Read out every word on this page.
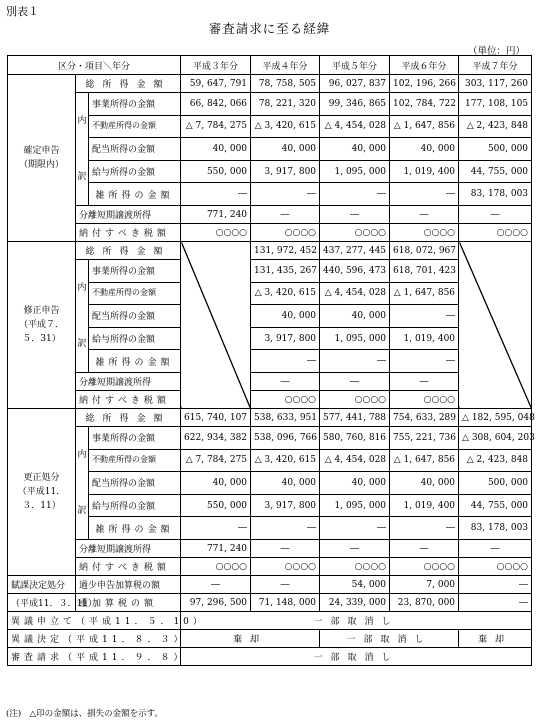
別表１
審査請求に至る経緯
（単位：円）
区分・項目＼年分			平成３年分	平成４年分	平成５年分	平成６年分	平成７年分
確定申告
（期限内）	総所得金額		59, 647, 791	78, 758, 505	96, 027, 837	102, 196, 266	303, 117, 260
	内
訳	事業所得の金額	66, 842, 066	78, 221, 320	99, 346, 865	102, 784, 722	177, 108, 105
		不動産所得の金額	△ 7, 784, 275	△ 3, 420, 615	△ 4, 454, 028	△ 1, 647, 856	△ 2, 423, 848
		配当所得の金額	40, 000	40, 000	40, 000	40, 000	500, 000
		給与所得の金額	550, 000	3, 917, 800	1, 095, 000	1, 019, 400	44, 755, 000
		雑所得の金額	―	―	―	―	83, 178, 003
	分離短期譲渡所得		771, 240	―	―	―	―
	納付すべき税額		○○○○	○○○○	○○○○	○○○○	○○○○
修正申告
（平成７．５．31）	総所得金額			131, 972, 452	437, 277, 445	618, 072, 967	
	内
訳	事業所得の金額		131, 435, 267	440, 596, 473	618, 701, 423	
		不動産所得の金額		△ 3, 420, 615	△ 4, 454, 028	△ 1, 647, 856	
		配当所得の金額		40, 000	40, 000	―	
		給与所得の金額		3, 917, 800	1, 095, 000	1, 019, 400	
		雑所得の金額		―	―	―	
	分離短期譲渡所得			―	―	―	
	納付すべき税額			○○○○	○○○○	○○○○	
更正処分
（平成11．３．11）	総所得金額		615, 740, 107	538, 633, 951	577, 441, 788	754, 633, 289	△ 182, 595, 048
	内
訳	事業所得の金額	622, 934, 382	538, 096, 766	580, 760, 816	755, 221, 736	△ 308, 604, 203
		不動産所得の金額	△ 7, 784, 275	△ 3, 420, 615	△ 4, 454, 028	△ 1, 647, 856	△ 2, 423, 848
		配当所得の金額	40, 000	40, 000	40, 000	40, 000	500, 000
		給与所得の金額	550, 000	3, 917, 800	1, 095, 000	1, 019, 400	44, 755, 000
		雑所得の金額	―	―	―	―	83, 178, 003
	分離短期譲渡所得		771, 240	―	―	―	―
	納付すべき税額		○○○○	○○○○	○○○○	○○○○	○○○○
賦課決定処分	過少申告加算税の額		―	―	54, 000	7, 000	―
（平成11．３．11）	重加算税の額		97, 296, 500	71, 148, 000	24, 339, 000	23, 870, 000	―
異議申立て（平成11．５．10）			一部取消し				
異議決定（平成11．８．３）			棄却		一部取消し		棄却
審査請求（平成11．９．８）			一部取消し				
(注)　△印の金額は、損失の金額を示す。
